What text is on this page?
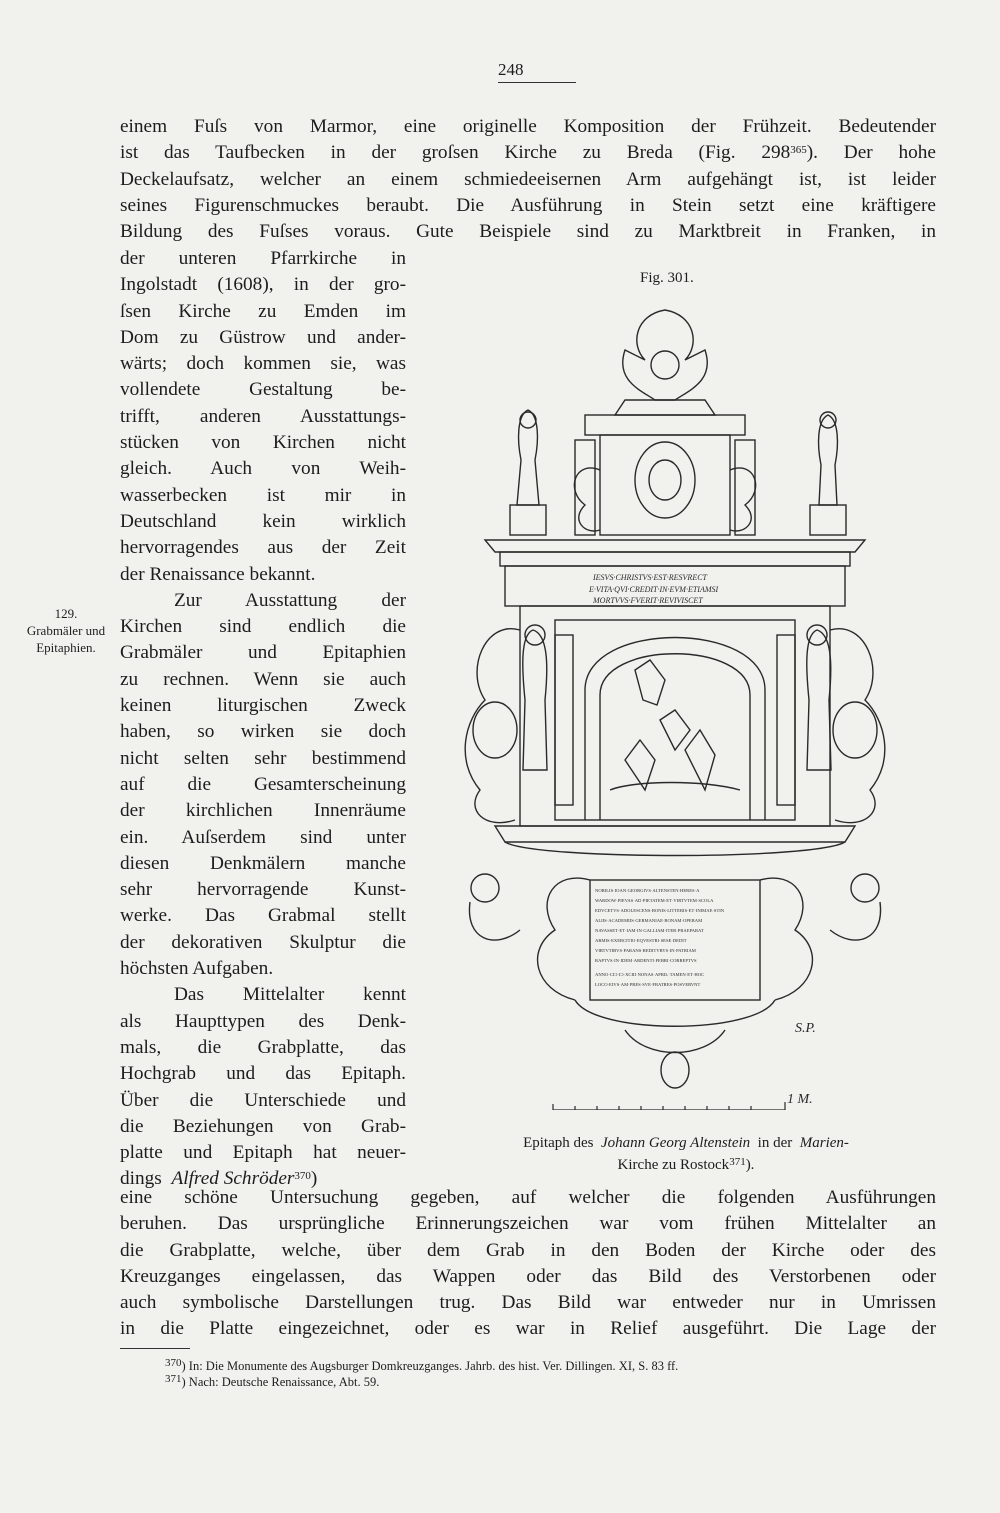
248
einem Fuſs von Marmor, eine originelle Komposition der Frühzeit. Bedeutender
ist das Taufbecken in der groſsen Kirche zu Breda (Fig. $298^{365}$). Der hohe
Deckelaufsatz, welcher an einem schmiedeeisernen Arm aufgehängt ist, ist leider
seines Figurenschmuckes beraubt. Die Ausführung in Stein setzt eine kräftigere
Bildung des Fuſses voraus. Gute Beispiele sind zu Marktbreit in Franken, in
der unteren Pfarrkirche in
Ingolstadt (1608), in der gro-
ſsen Kirche zu Emden im
Dom zu Güstrow und ander-
wärts; doch kommen sie, was
vollendete Gestaltung be-
trifft, anderen Ausstattungs-
stücken von Kirchen nicht
gleich. Auch von Weih-
wasserbecken ist mir in
Deutschland kein wirklich
hervorragendes aus der Zeit
der Renaissance bekannt.
Zur Ausstattung der
Kirchen sind endlich die
Grabmäler und Epitaphien
zu rechnen. Wenn sie auch
keinen liturgischen Zweck
haben, so wirken sie doch
nicht selten sehr bestimmend
auf die Gesamterscheinung
der kirchlichen Innenräume
ein. Auſserdem sind unter
diesen Denkmälern manche
sehr hervorragende Kunst-
werke. Das Grabmal stellt
der dekorativen Skulptur die
höchsten Aufgaben.
Das Mittelalter kennt
als Haupttypen des Denk-
mals, die Grabplatte, das
Hochgrab und das Epitaph.
Über die Unterschiede und
die Beziehungen von Grab-
platte und Epitaph hat neuer-
dings Alfred Schröder$^{370}$)
129.
Grabmäler und
Epitaphien.
Fig. 301.
IESVS·CHRISTVS·EST·RESVRECT
E·VITA·QVI·CREDIT·IN·EVM·ETIAMSI
MORTVVS·FVERIT·REVIVISCET
NOBILIS·IOAN·GEORGIVS·ALTENSTEN·HERES·A
WARDOW·PIEVAS·AD·PIETATEM·ET·VIRTVTEM·SCOLA
EDVCETVS·ADOLESCENS·BONIS·LITTERIS·ET·INIMAE·STIN
ALIIS·ACADEMIIS·GERMANIAE·BONAM·OPERAM
NAVASSET·ET·IAM·IN·GALLIAM·ITER·PRAEPARAT
ARMIS·EXERCITIO·EQVESTRI·SESE·DEDIT
VIRTVTIBVS·PARANS·REDITVRVS·IN·PATRIAM
RAPTVS·IN·IDEM·ARDENTI·FEBRI·CORREPTVS
ANNO·CIƆ·IƆ·XCIII·NONAS·APRIL·TAMEN·ET·HOC
LOCO·EIVS·AM·PRES·SVE·FRATRES·POSVERVNT
S.P.
1 M.
Epitaph des Johann Georg Altenstein in der Marien-
Kirche zu Rostock$^{371}$).
eine schöne Untersuchung gegeben, auf welcher die folgenden Ausführungen
beruhen. Das ursprüngliche Erinnerungszeichen war vom frühen Mittelalter an
die Grabplatte, welche, über dem Grab in den Boden der Kirche oder des
Kreuzganges eingelassen, das Wappen oder das Bild des Verstorbenen oder
auch symbolische Darstellungen trug. Das Bild war entweder nur in Umrissen
in die Platte eingezeichnet, oder es war in Relief ausgeführt. Die Lage der
$^{370}$) In: Die Monumente des Augsburger Domkreuzganges. Jahrb. des hist. Ver. Dillingen. XI, S. 83 ff.
$^{371}$) Nach: Deutsche Renaissance, Abt. 59.
